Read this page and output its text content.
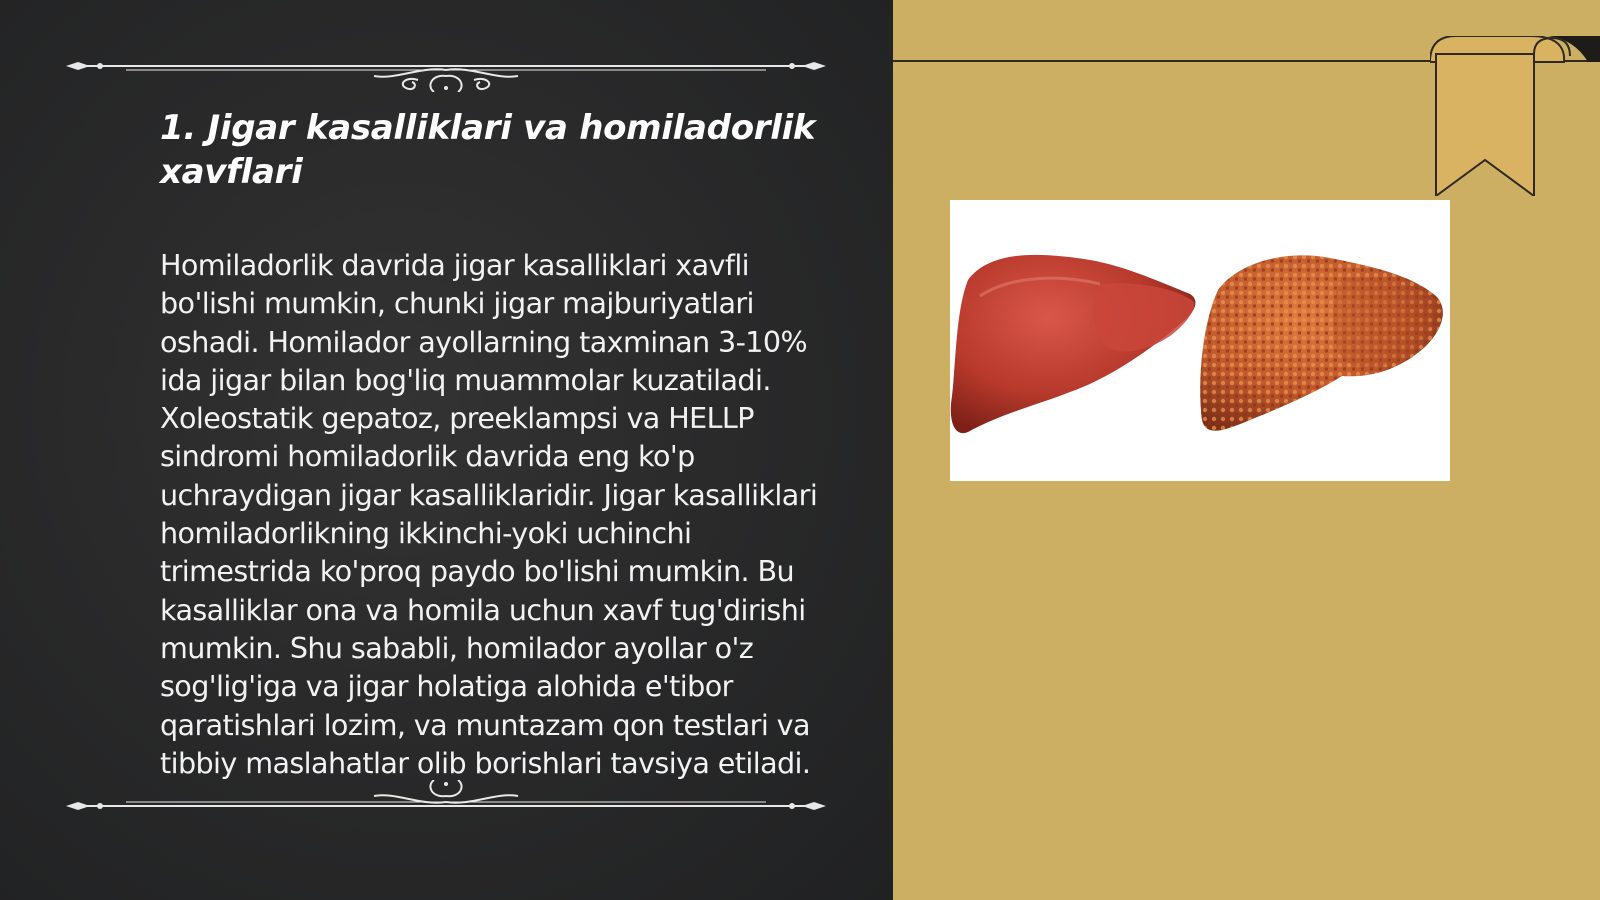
1. Jigar kasalliklari va homiladorlik xavflari

Homiladorlik davrida jigar kasalliklari xavfli bo'lishi mumkin, chunki jigar majburiyatlari oshadi. Homilador ayollarning taxminan 3-10% ida jigar bilan bog'liq muammolar kuzatiladi. Xoleostatik gepatoz, preeklampsi va HELLP sindromi homiladorlik davrida eng ko'p uchraydigan jigar kasalliklaridir. Jigar kasalliklari homiladorlikning ikkinchi-yoki uchinchi trimestrida ko'proq paydo bo'lishi mumkin. Bu kasalliklar ona va homila uchun xavf tug'dirishi mumkin. Shu sababli, homilador ayollar o'z sog'lig'iga va jigar holatiga alohida e'tibor qaratishlari lozim, va muntazam qon testlari va tibbiy maslahatlar olib borishlari tavsiya etiladi.
